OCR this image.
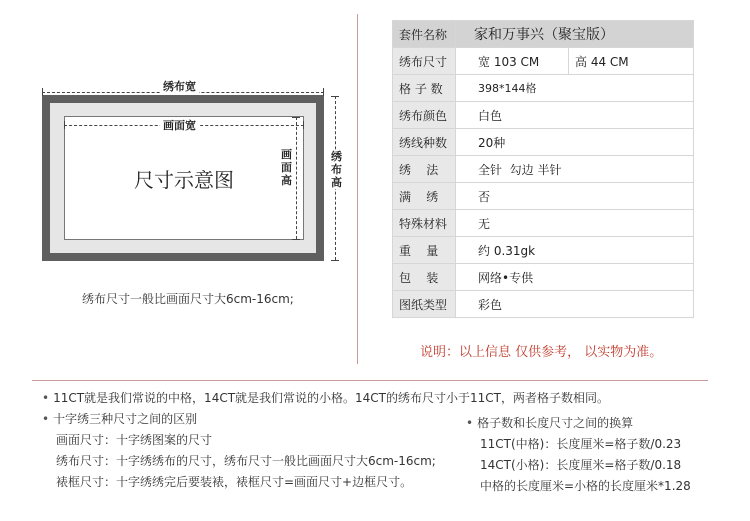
尺寸示意图
绣布宽
画面宽
画面高
绣布高
绣布尺寸一般比画面尺寸大6cm-16cm;
套件名称	家和万事兴（聚宝版）	
绣布尺寸	宽 103 CM	高 44 CM
格 子 数	398*144格	
绣布颜色	白色	
绣线种数	20种	
绣    法	全针  勾边 半针	
满    绣	否	
特殊材料	无	
重    量	约 0.31gk	
包    装	网络•专供	
图纸类型	彩色	
说明：以上信息 仅供参考， 以实物为准。
• 11CT就是我们常说的中格，14CT就是我们常说的小格。14CT的绣布尺寸小于11CT，两者格子数相同。
• 十字绣三种尺寸之间的区别
画面尺寸：十字绣图案的尺寸
绣布尺寸：十字绣绣布的尺寸，绣布尺寸一般比画面尺寸大6cm-16cm;
裱框尺寸：十字绣绣完后要装裱，裱框尺寸=画面尺寸+边框尺寸。
• 格子数和长度尺寸之间的换算
11CT(中格)：长度厘米=格子数/0.23
14CT(小格)：长度厘米=格子数/0.18
中格的长度厘米=小格的长度厘米*1.28
